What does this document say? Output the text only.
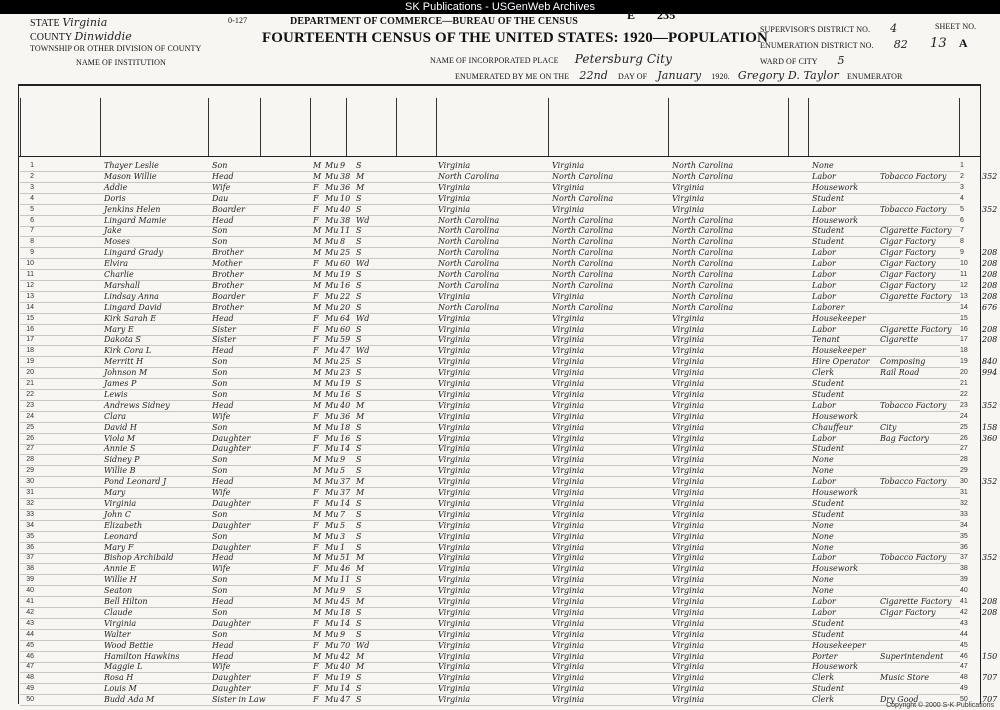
SK Publications - USGenWeb Archives
STATE Virginia
COUNTY Dinwiddie
TOWNSHIP OR OTHER DIVISION OF COUNTY
NAME OF INSTITUTION
0-127	DEPARTMENT OF COMMERCE—BUREAU OF THE CENSUS
FOURTEENTH CENSUS OF THE UNITED STATES: 1920—POPULATION
NAME OF INCORPORATED PLACE Petersburg City
ENUMERATED BY ME ON THE 22nd DAY OF January 1920. Gregory D. Taylor ENUMERATOR
E 235
SUPERVISOR'S DISTRICT NO. 4
ENUMERATION DISTRICT NO. 82
WARD OF CITY 5
SHEET NO.
13 A
1	Thayer Leslie	Son	M Mu 9	S	Virginia	Virginia	North Carolina	None	1
2	Mason Willie	Head	M Mu 38 M	North Carolina	North Carolina	North Carolina	Labor	Tobacco Factory	2	352
3	Addie	Wife	F Mu 36 M	Virginia	Virginia	Virginia	Housework	3
4	Doris	Dau	F Mu 10 S	Virginia	North Carolina	Virginia	Student	4
5	Jenkins Helen	Boarder	F Mu 40 S	Virginia	Virginia	Virginia	Labor	Tobacco Factory	5	352
6	Lingard Mamie	Head	F Mu 38 Wd	North Carolina	North Carolina	North Carolina	Housework	6
7	Jake	Son	M Mu 11 S	North Carolina	North Carolina	North Carolina	Student	Cigarette Factory	7
8	Moses	Son	M Mu 8	S	North Carolina	North Carolina	North Carolina	Student	Cigar Factory	8
9	Lingard Grady	Brother	M Mu 25 S	North Carolina	North Carolina	North Carolina	Labor	Cigar Factory	9	208
10	Elvira	Mother	F Mu 60 Wd	North Carolina	North Carolina	North Carolina	Labor	Cigar Factory	10	208
11	Charlie	Brother	M Mu 19 S	North Carolina	North Carolina	North Carolina	Labor	Cigar Factory	11	208
12	Marshall	Brother	M Mu 16 S	North Carolina	North Carolina	North Carolina	Labor	Cigar Factory	12	208
13	Lindsay Anna	Boarder	F Mu 22 S	Virginia	Virginia	North Carolina	Labor	Cigarette Factory	13	208
14	Lingard David	Brother	M Mu 20 S	North Carolina	North Carolina	North Carolina	Laborer	14	676
15	Kirk Sarah E	Head	F Mu 64 Wd	Virginia	Virginia	Virginia	Housekeeper	15
16	Mary E	Sister	F Mu 60 S	Virginia	Virginia	Virginia	Labor	Cigarette Factory	16	208
17	Dakota S	Sister	F Mu 59 S	Virginia	Virginia	Virginia	Tenant	Cigarette	17	208
18	Kirk Cora L	Head	F Mu 47 Wd	Virginia	Virginia	Virginia	Housekeeper	18
19	Merritt H	Son	M Mu 25 S	Virginia	Virginia	Virginia	Hire Operator	Composing	19	840
20	Johnson M	Son	M Mu 23 S	Virginia	Virginia	Virginia	Clerk	Rail Road	20	994
21	James P	Son	M Mu 19 S	Virginia	Virginia	Virginia	Student	21
22	Lewis	Son	M Mu 16 S	Virginia	Virginia	Virginia	Student	22
23	Andrews Sidney	Head	M Mu 40 M	Virginia	Virginia	Virginia	Labor	Tobacco Factory	23	352
24	Clara	Wife	F Mu 36 M	Virginia	Virginia	Virginia	Housework	24
25	David H	Son	M Mu 18 S	Virginia	Virginia	Virginia	Chauffeur	City	25	158
26	Viola M	Daughter	F Mu 16 S	Virginia	Virginia	Virginia	Labor	Bag Factory	26	360
27	Annie S	Daughter	F Mu 14 S	Virginia	Virginia	Virginia	Student	27
28	Sidney P	Son	M Mu 9	S	Virginia	Virginia	Virginia	None	28
29	Willie B	Son	M Mu 5	S	Virginia	Virginia	Virginia	None	29
30	Pond Leonard J	Head	M Mu 37 M	Virginia	Virginia	Virginia	Labor	Tobacco Factory	30	352
31	Mary	Wife	F Mu 37 M	Virginia	Virginia	Virginia	Housework	31
32	Virginia	Daughter	F Mu 14 S	Virginia	Virginia	Virginia	Student	32
33	John C	Son	M Mu 7	S	Virginia	Virginia	Virginia	Student	33
34	Elizabeth	Daughter	F Mu 5	S	Virginia	Virginia	Virginia	None	34
35	Leonard	Son	M Mu 3	S	Virginia	Virginia	Virginia	None	35
36	Mary F	Daughter	F Mu 1	S	Virginia	Virginia	Virginia	None	36
37	Bishop Archibald	Head	M Mu 51 M	Virginia	Virginia	Virginia	Labor	Tobacco Factory	37	352
38	Annie E	Wife	F Mu 46 M	Virginia	Virginia	Virginia	Housework	38
39	Willie H	Son	M Mu 11 S	Virginia	Virginia	Virginia	None	39
40	Seaton	Son	M Mu 9	S	Virginia	Virginia	Virginia	None	40
41	Bell Hilton	Head	M Mu 45 M	Virginia	Virginia	Virginia	Labor	Cigarette Factory	41	208
42	Claude	Son	M Mu 18 S	Virginia	Virginia	Virginia	Labor	Cigar Factory	42	208
43	Virginia	Daughter	F Mu 14 S	Virginia	Virginia	Virginia	Student	43
44	Walter	Son	M Mu 9	S	Virginia	Virginia	Virginia	Student	44
45	Wood Bettie	Head	F Mu 70 Wd	Virginia	Virginia	Virginia	Housekeeper	45
46	Hamilton Hawkins	Head	M Mu 42 M	Virginia	Virginia	Virginia	Porter	Superintendent	46	150
47	Maggie L	Wife	F Mu 40 M	Virginia	Virginia	Virginia	Housework	47
48	Rosa H	Daughter	F Mu 19 S	Virginia	Virginia	Virginia	Clerk	Music Store	48	707
49	Louis M	Daughter	F Mu 14 S	Virginia	Virginia	Virginia	Student	49
50	Budd Ada M	Sister in Law	F Mu 47 S	Virginia	Virginia	Virginia	Clerk	Dry Good	50	707
Copyright © 2000 S-K Publications
